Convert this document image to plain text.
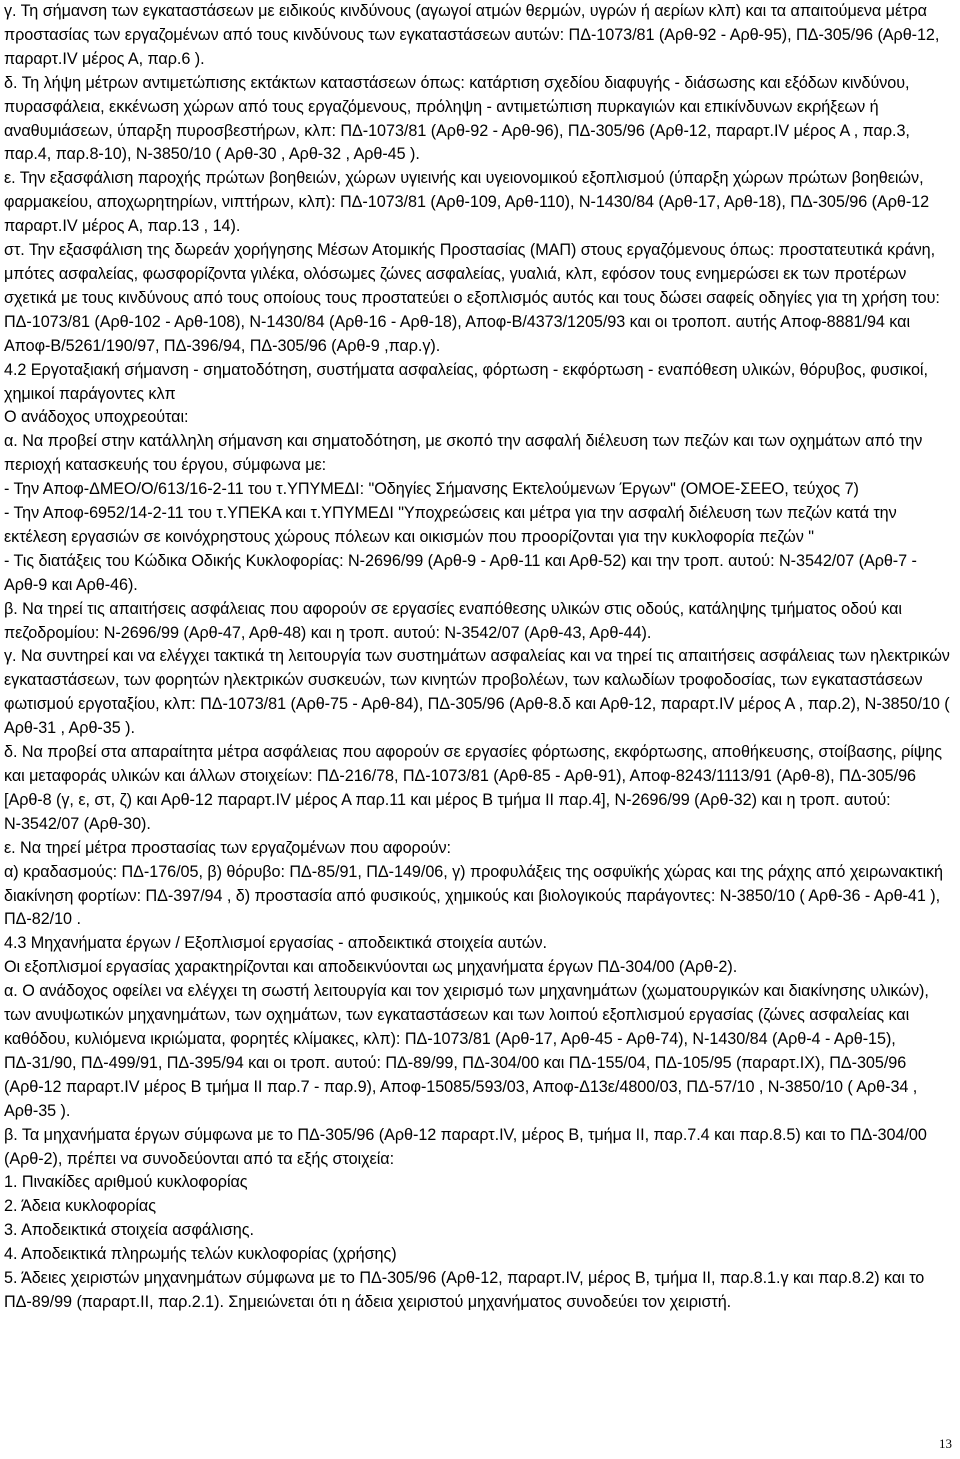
γ. Τη σήμανση των εγκαταστάσεων με ειδικούς κινδύνους (αγωγοί ατμών θερμών, υγρών ή αερίων κλπ) και τα απαιτούμενα μέτρα προστασίας των εργαζομένων από τους κινδύνους των εγκαταστάσεων αυτών: ΠΔ-1073/81 (Αρθ-92 - Αρθ-95), ΠΔ-305/96 (Αρθ-12, παραρτ.IV μέρος Α, παρ.6 ).

δ. Τη λήψη μέτρων αντιμετώπισης εκτάκτων καταστάσεων όπως: κατάρτιση σχεδίου διαφυγής - διάσωσης και εξόδων κινδύνου, πυρασφάλεια, εκκένωση χώρων από τους εργαζόμενους, πρόληψη - αντιμετώπιση πυρκαγιών και επικίνδυνων εκρήξεων ή αναθυμιάσεων, ύπαρξη πυροσβεστήρων, κλπ: ΠΔ-1073/81 (Αρθ-92 - Αρθ-96), ΠΔ-305/96 (Αρθ-12, παραρτ.IV μέρος Α , παρ.3, παρ.4, παρ.8-10), Ν-3850/10 ( Αρθ-30 , Αρθ-32 , Αρθ-45 ).

ε. Την εξασφάλιση παροχής πρώτων βοηθειών, χώρων υγιεινής και υγειονομικού εξοπλισμού (ύπαρξη χώρων πρώτων βοηθειών, φαρμακείου, αποχωρητηρίων, νιπτήρων, κλπ): ΠΔ-1073/81 (Αρθ-109, Αρθ-110), Ν-1430/84 (Αρθ-17, Αρθ-18), ΠΔ-305/96 (Αρθ-12 παραρτ.IV μέρος Α, παρ.13 , 14).

στ. Την εξασφάλιση της δωρεάν χορήγησης Μέσων Ατομικής Προστασίας (ΜΑΠ) στους εργαζόμενους όπως: προστατευτικά κράνη, μπότες ασφαλείας, φωσφορίζοντα γιλέκα, ολόσωμες ζώνες ασφαλείας, γυαλιά, κλπ, εφόσον τους ενημερώσει εκ των προτέρων σχετικά με τους κινδύνους από τους οποίους τους προστατεύει ο εξοπλισμός αυτός και τους δώσει σαφείς οδηγίες για τη χρήση του: ΠΔ-1073/81 (Αρθ-102 - Αρθ-108), Ν-1430/84 (Αρθ-16 - Αρθ-18), Αποφ-Β/4373/1205/93 και οι τροποπ. αυτής Αποφ-8881/94 και Αποφ-Β/5261/190/97, ΠΔ-396/94, ΠΔ-305/96 (Αρθ-9 ,παρ.γ).

4.2 Εργοταξιακή σήμανση - σηματοδότηση, συστήματα ασφαλείας, φόρτωση - εκφόρτωση - εναπόθεση υλικών, θόρυβος, φυσικοί, χημικοί παράγοντες κλπ

Ο ανάδοχος υποχρεούται:

α. Να προβεί στην κατάλληλη σήμανση και σηματοδότηση, με σκοπό την ασφαλή διέλευση των πεζών και των οχημάτων από την περιοχή κατασκευής του έργου, σύμφωνα με:

- Την Αποφ-ΔΜΕΟ/Ο/613/16-2-11 του τ.ΥΠΥΜΕΔΙ: "Οδηγίες Σήμανσης Εκτελούμενων Έργων" (ΟΜΟΕ-ΣΕΕΟ, τεύχος 7)

- Την Αποφ-6952/14-2-11 του τ.ΥΠΕΚΑ και τ.ΥΠΥΜΕΔΙ "Υποχρεώσεις και μέτρα για την ασφαλή διέλευση των πεζών κατά την εκτέλεση εργασιών σε κοινόχρηστους χώρους πόλεων και οικισμών που προορίζονται για την κυκλοφορία πεζών "

- Τις διατάξεις του Κώδικα Οδικής Κυκλοφορίας: Ν-2696/99 (Αρθ-9 - Αρθ-11 και Αρθ-52) και την τροπ. αυτού: Ν-3542/07 (Αρθ-7 - Αρθ-9 και Αρθ-46).

β. Να τηρεί τις απαιτήσεις ασφάλειας που αφορούν σε εργασίες εναπόθεσης υλικών στις οδούς, κατάληψης τμήματος οδού και πεζοδρομίου: Ν-2696/99 (Αρθ-47, Αρθ-48) και η τροπ. αυτού: Ν-3542/07 (Αρθ-43, Αρθ-44).

γ. Να συντηρεί και να ελέγχει τακτικά τη λειτουργία των συστημάτων ασφαλείας και να τηρεί τις απαιτήσεις ασφάλειας των ηλεκτρικών εγκαταστάσεων, των φορητών ηλεκτρικών συσκευών, των κινητών προβολέων, των καλωδίων τροφοδοσίας, των εγκαταστάσεων φωτισμού εργοταξίου, κλπ: ΠΔ-1073/81 (Αρθ-75 - Αρθ-84), ΠΔ-305/96 (Αρθ-8.δ και Αρθ-12, παραρτ.IV μέρος Α , παρ.2), Ν-3850/10 ( Αρθ-31 , Αρθ-35 ).

δ. Να προβεί στα απαραίτητα μέτρα ασφάλειας που αφορούν σε εργασίες φόρτωσης, εκφόρτωσης, αποθήκευσης, στοίβασης, ρίψης και μεταφοράς υλικών και άλλων στοιχείων: ΠΔ-216/78, ΠΔ-1073/81 (Αρθ-85 - Αρθ-91), Αποφ-8243/1113/91 (Αρθ-8), ΠΔ-305/96 [Αρθ-8 (γ, ε, στ, ζ) και Αρθ-12 παραρτ.IV μέρος Α παρ.11 και μέρος Β τμήμα ΙΙ παρ.4], Ν-2696/99 (Αρθ-32) και η τροπ. αυτού: Ν-3542/07 (Αρθ-30).

ε. Να τηρεί μέτρα προστασίας των εργαζομένων που αφορούν:

α) κραδασμούς: ΠΔ-176/05, β) θόρυβο: ΠΔ-85/91, ΠΔ-149/06, γ) προφυλάξεις της οσφυϊκής χώρας και της ράχης από χειρωνακτική διακίνηση φορτίων: ΠΔ-397/94 , δ) προστασία από φυσικούς, χημικούς και βιολογικούς παράγοντες: Ν-3850/10 ( Αρθ-36 - Αρθ-41 ), ΠΔ-82/10 .

4.3 Μηχανήματα έργων / Εξοπλισμοί εργασίας - αποδεικτικά στοιχεία αυτών.

Οι εξοπλισμοί εργασίας χαρακτηρίζονται και αποδεικνύονται ως μηχανήματα έργων ΠΔ-304/00 (Αρθ-2).

α. Ο ανάδοχος οφείλει να ελέγχει τη σωστή λειτουργία και τον χειρισμό των μηχανημάτων (χωματουργικών και διακίνησης υλικών), των ανυψωτικών μηχανημάτων, των οχημάτων, των εγκαταστάσεων και των λοιπού εξοπλισμού εργασίας (ζώνες ασφαλείας και καθόδου, κυλιόμενα ικριώματα, φορητές κλίμακες, κλπ): ΠΔ-1073/81 (Αρθ-17, Αρθ-45 - Αρθ-74), Ν-1430/84 (Αρθ-4 - Αρθ-15), ΠΔ-31/90, ΠΔ-499/91, ΠΔ-395/94 και οι τροπ. αυτού: ΠΔ-89/99, ΠΔ-304/00 και ΠΔ-155/04, ΠΔ-105/95 (παραρτ.ΙΧ), ΠΔ-305/96 (Αρθ-12 παραρτ.IV μέρος Β τμήμα ΙΙ παρ.7 - παρ.9), Αποφ-15085/593/03, Αποφ-Δ13ε/4800/03, ΠΔ-57/10 , Ν-3850/10 ( Αρθ-34 , Αρθ-35 ).

β. Τα μηχανήματα έργων σύμφωνα με το ΠΔ-305/96 (Αρθ-12 παραρτ.IV, μέρος Β, τμήμα ΙΙ, παρ.7.4 και παρ.8.5) και το ΠΔ-304/00 (Αρθ-2), πρέπει να συνοδεύονται από τα εξής στοιχεία:

1. Πινακίδες αριθμού κυκλοφορίας

2. Άδεια κυκλοφορίας

3. Αποδεικτικά στοιχεία ασφάλισης.

4. Αποδεικτικά πληρωμής τελών κυκλοφορίας (χρήσης)

5. Άδειες χειριστών μηχανημάτων σύμφωνα με το ΠΔ-305/96 (Αρθ-12, παραρτ.IV, μέρος Β, τμήμα ΙΙ, παρ.8.1.γ και παρ.8.2) και το ΠΔ-89/99 (παραρτ.ΙΙ, παρ.2.1). Σημειώνεται ότι η άδεια χειριστού μηχανήματος συνοδεύει τον χειριστή.

13
